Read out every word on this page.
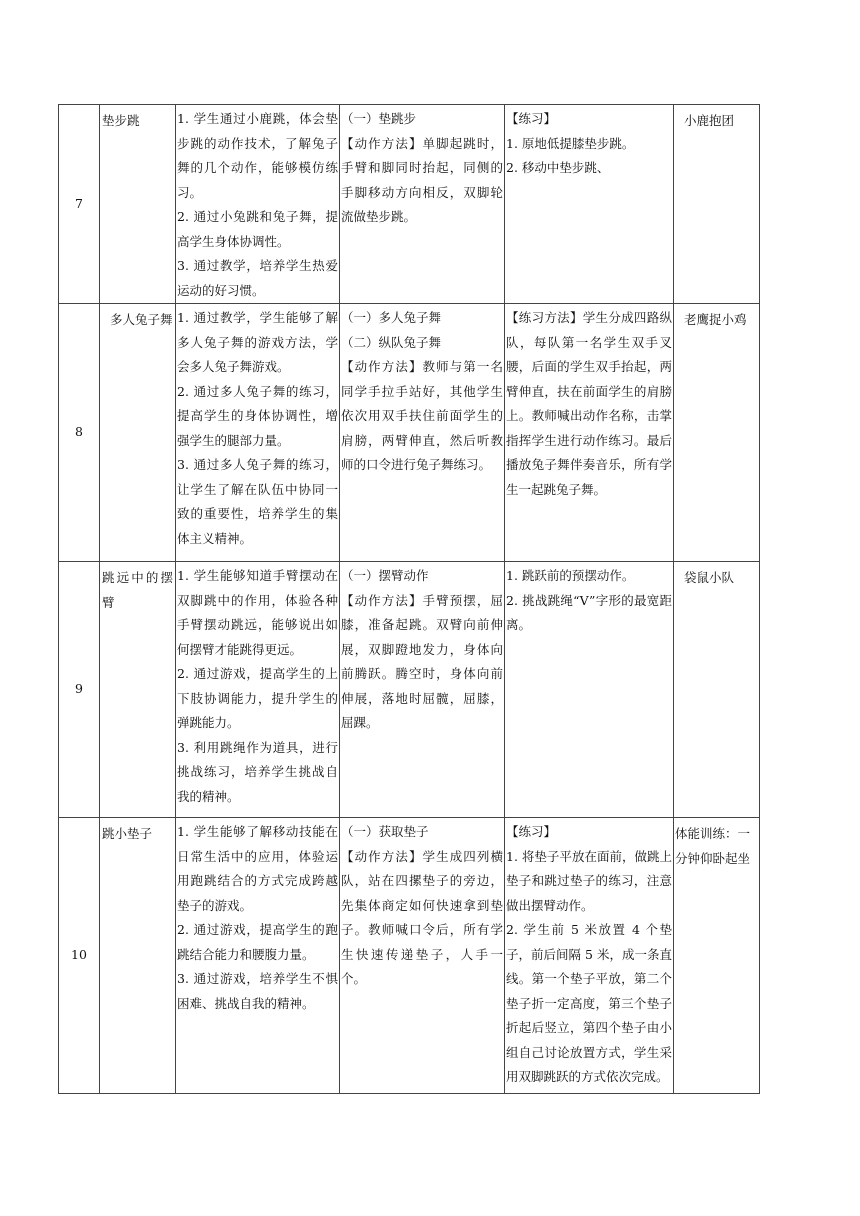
7	垫步跳	1. 学生通过小鹿跳，体会垫步跳的动作技术，了解兔子舞的几个动作，能够模仿练习。
2. 通过小兔跳和兔子舞，提高学生身体协调性。
3. 通过教学，培养学生热爱运动的好习惯。	（一）垫跳步
【动作方法】单脚起跳时，手臂和脚同时抬起，同侧的手脚移动方向相反，双脚轮流做垫步跳。	【练习】
1. 原地低提膝垫步跳。
2. 移动中垫步跳、	小鹿抱团
8	多人兔子舞	1. 通过教学，学生能够了解多人兔子舞的游戏方法，学会多人兔子舞游戏。
2. 通过多人兔子舞的练习，提高学生的身体协调性，增强学生的腿部力量。
3. 通过多人兔子舞的练习，让学生了解在队伍中协同一致的重要性，培养学生的集体主义精神。	（一）多人兔子舞
（二）纵队兔子舞
【动作方法】教师与第一名同学手拉手站好，其他学生依次用双手扶住前面学生的肩膀，两臂伸直，然后听教师的口令进行兔子舞练习。	【练习方法】学生分成四路纵队，每队第一名学生双手叉腰，后面的学生双手抬起，两臂伸直，扶在前面学生的肩膀上。教师喊出动作名称，击掌指挥学生进行动作练习。最后播放兔子舞伴奏音乐，所有学生一起跳兔子舞。	老鹰捉小鸡
9	跳远中的摆臂	1. 学生能够知道手臂摆动在双脚跳中的作用，体验各种手臂摆动跳远，能够说出如何摆臂才能跳得更远。
2. 通过游戏，提高学生的上下肢协调能力，提升学生的弹跳能力。
3. 利用跳绳作为道具，进行挑战练习，培养学生挑战自我的精神。	（一）摆臂动作
【动作方法】手臂预摆，屈膝，准备起跳。双臂向前伸展，双脚蹬地发力，身体向前腾跃。腾空时，身体向前伸展，落地时屈髋，屈膝，屈踝。	1. 跳跃前的预摆动作。
2. 挑战跳绳“V”字形的最宽距离。	袋鼠小队
10	跳小垫子	1. 学生能够了解移动技能在日常生活中的应用，体验运用跑跳结合的方式完成跨越垫子的游戏。
2. 通过游戏，提高学生的跑跳结合能力和腰腹力量。
3. 通过游戏，培养学生不惧困难、挑战自我的精神。	（一）获取垫子
【动作方法】学生成四列横队，站在四摞垫子的旁边，先集体商定如何快速拿到垫子。教师喊口令后，所有学生快速传递垫子，人手一个。	【练习】
1. 将垫子平放在面前，做跳上垫子和跳过垫子的练习，注意做出摆臂动作。
2. 学生前 5 米放置 4 个垫子，前后间隔 5 米，成一条直线。第一个垫子平放，第二个垫子折一定高度，第三个垫子折起后竖立，第四个垫子由小组自己讨论放置方式，学生采用双脚跳跃的方式依次完成。	体能训练：一分钟仰卧起坐
